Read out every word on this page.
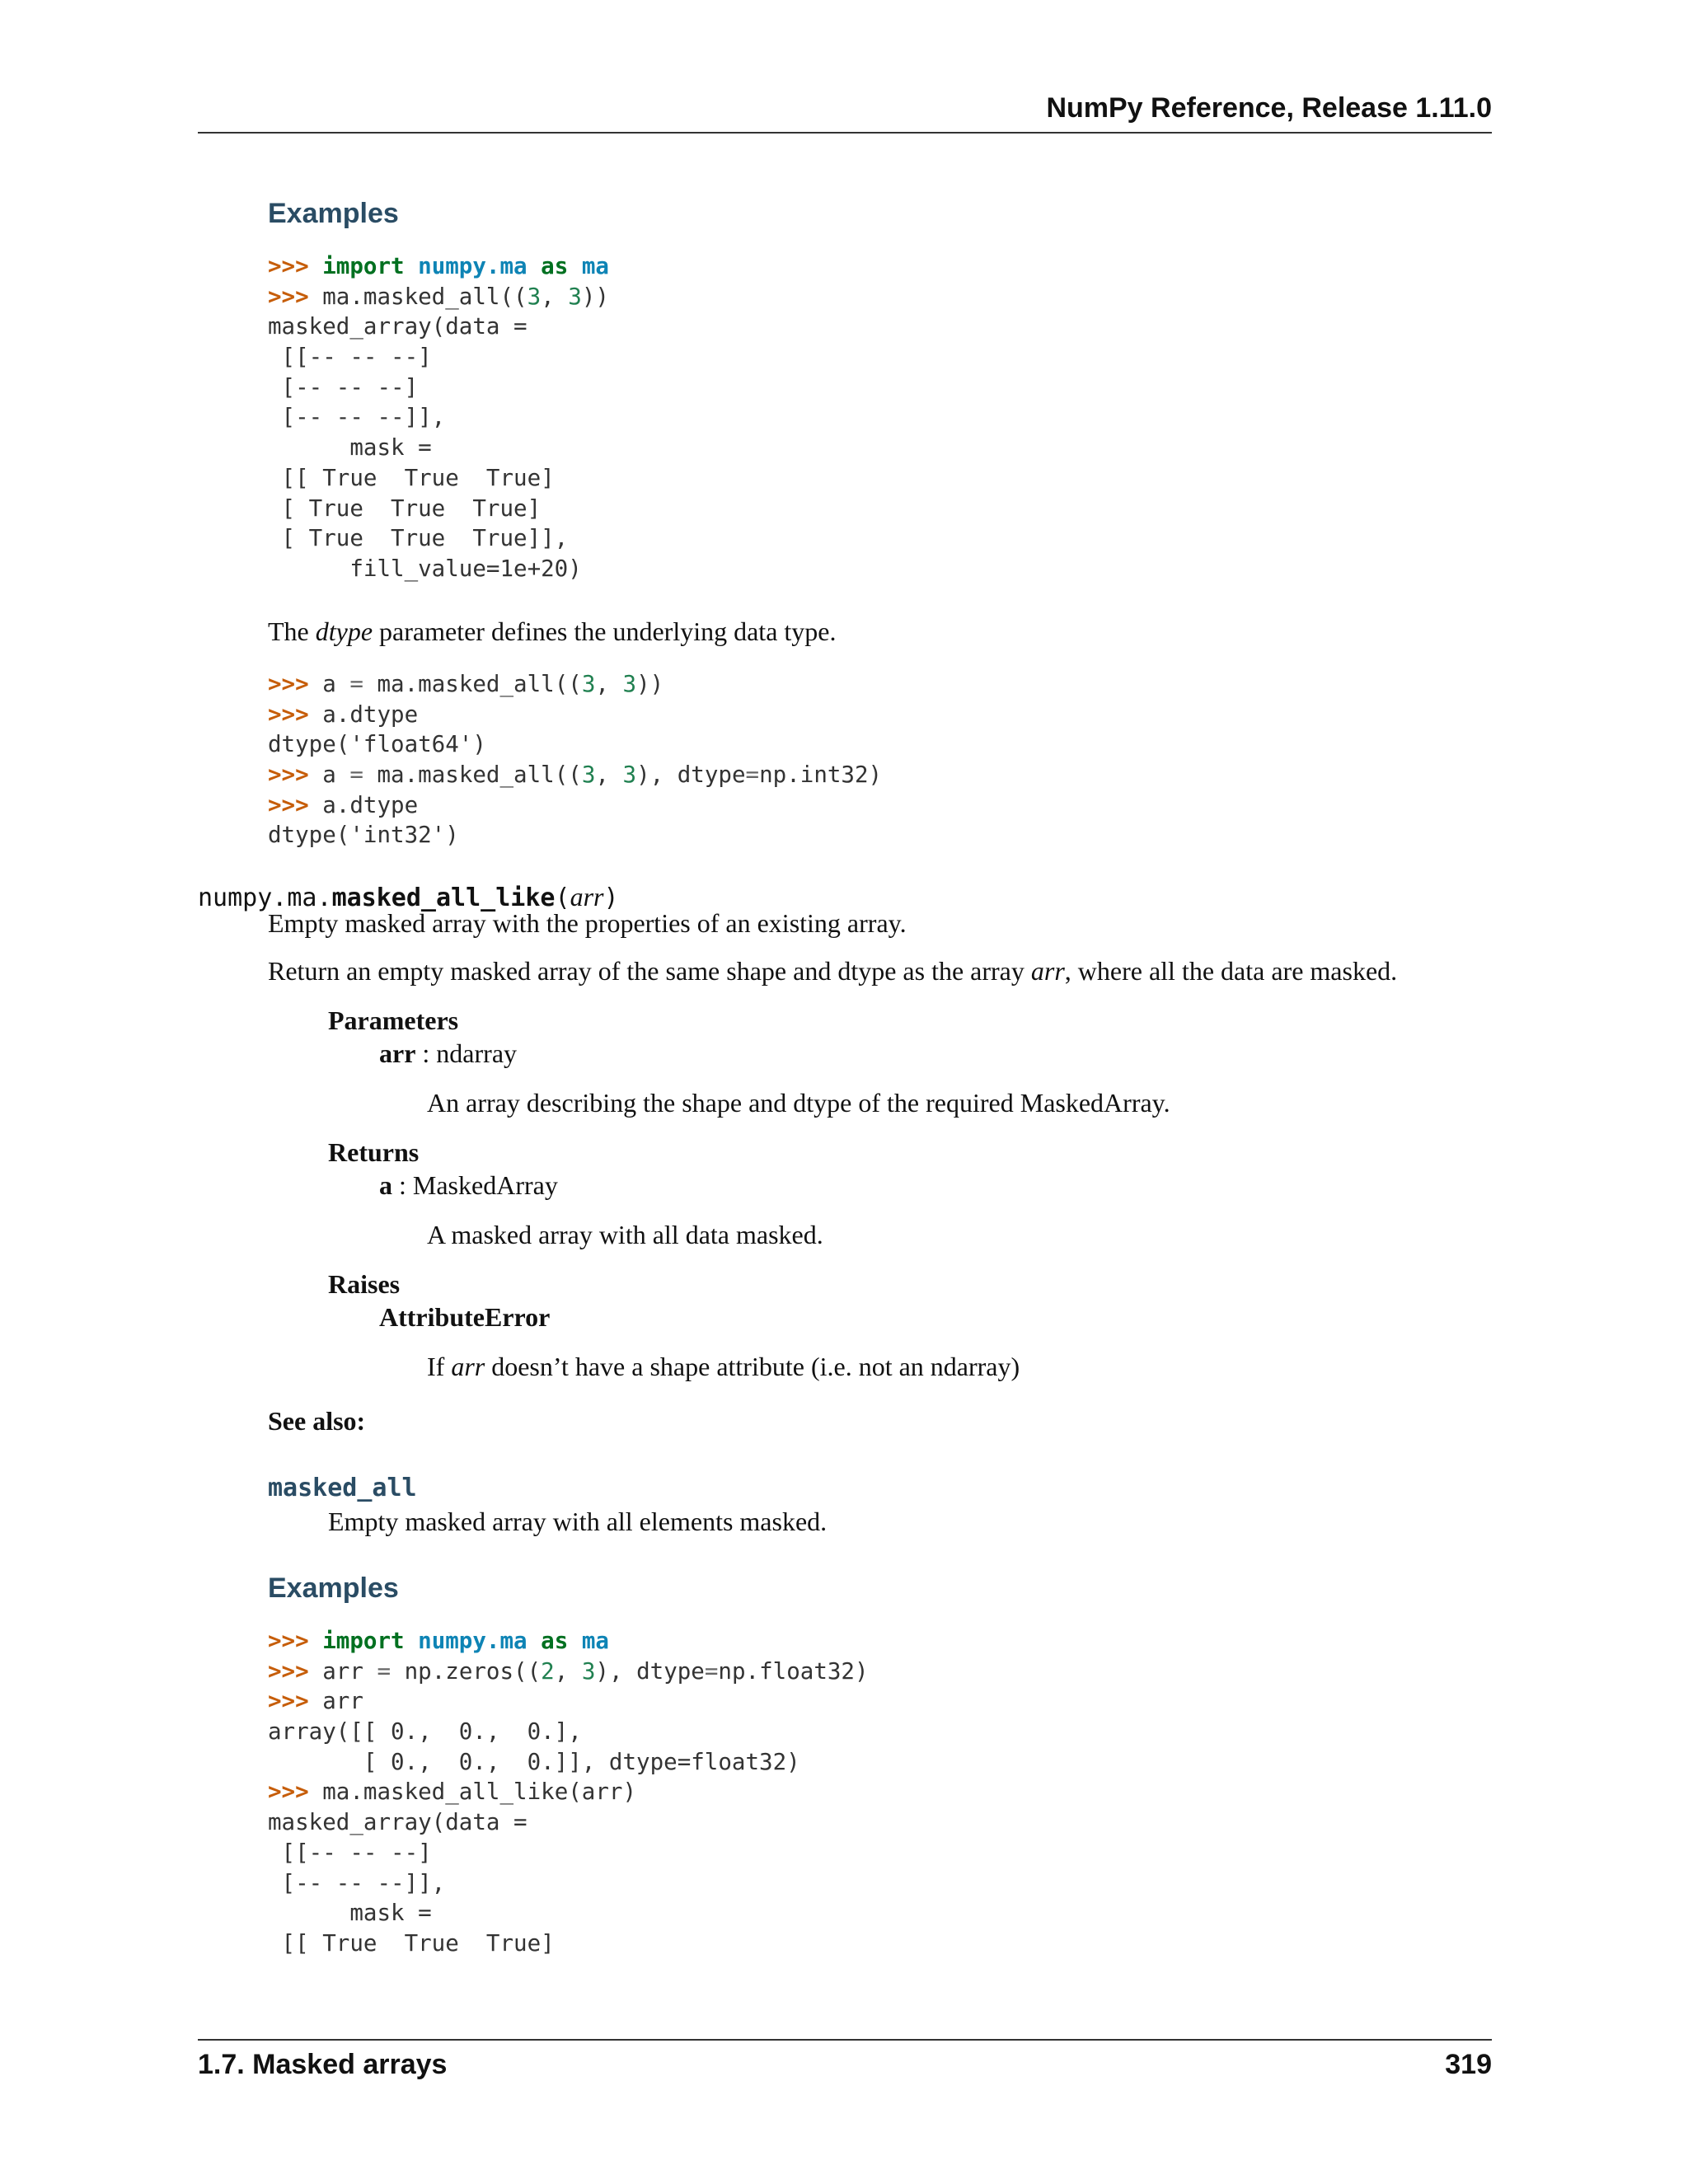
NumPy Reference, Release 1.11.0
Examples
>>> import numpy.ma as ma
>>> ma.masked_all((3, 3))
masked_array(data =
[[-- -- --]
[-- -- --]
[-- -- --]],
mask =
[[ True  True  True]
[ True  True  True]
[ True  True  True]],
fill_value=1e+20)
The dtype parameter defines the underlying data type.
>>> a = ma.masked_all((3, 3))
>>> a.dtype
dtype('float64')
>>> a = ma.masked_all((3, 3), dtype=np.int32)
>>> a.dtype
dtype('int32')
numpy.ma.masked_all_like(arr)
Empty masked array with the properties of an existing array.
Return an empty masked array of the same shape and dtype as the array arr, where all the data are masked.
Parameters
arr : ndarray
An array describing the shape and dtype of the required MaskedArray.
Returns
a : MaskedArray
A masked array with all data masked.
Raises
AttributeError
If arr doesn’t have a shape attribute (i.e. not an ndarray)
See also:
masked_all
Empty masked array with all elements masked.
Examples
>>> import numpy.ma as ma
>>> arr = np.zeros((2, 3), dtype=np.float32)
>>> arr
array([[ 0.,  0.,  0.],
[ 0.,  0.,  0.]], dtype=float32)
>>> ma.masked_all_like(arr)
masked_array(data =
[[-- -- --]
[-- -- --]],
mask =
[[ True  True  True]
1.7. Masked arrays	319
